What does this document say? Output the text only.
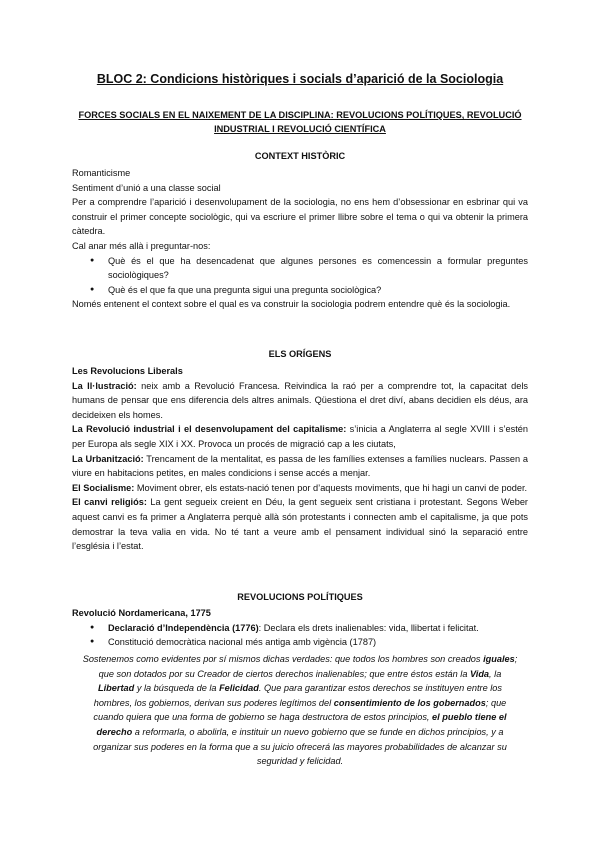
BLOC 2: Condicions històriques i socials d’aparició de la Sociologia
FORCES SOCIALS EN EL NAIXEMENT DE LA DISCIPLINA: REVOLUCIONS POLÍTIQUES, REVOLUCIÓ INDUSTRIAL I REVOLUCIÓ CIENTÍFICA
CONTEXT HISTÒRIC

Romanticisme

Sentiment d’unió a una classe social

Per a comprendre l’aparició i desenvolupament de la sociologia, no ens hem d’obsessionar en esbrinar qui va construir el primer concepte sociològic, qui va escriure el primer llibre sobre el tema o qui va obtenir la primera càtedra.

Cal anar més allà i preguntar-nos:

● Què és el que ha desencadenat que algunes persones es comencessin a formular preguntes sociològiques?
● Què és el que fa que una pregunta sigui una pregunta sociològica?

Només entenent el context sobre el qual es va construir la sociologia podrem entendre què és la sociologia.

ELS ORÍGENS

Les Revolucions Liberals

La Il·lustració: neix amb a Revolució Francesa. Reivindica la raó per a comprendre tot, la capacitat dels humans de pensar que ens diferencia dels altres animals. Qüestiona el dret diví, abans decidien els déus, ara decideixen els homes.

La Revolució industrial i el desenvolupament del capitalisme: s’inicia a Anglaterra al segle XVIII i s’estén per Europa als segle XIX i XX. Provoca un procés de migració cap a les ciutats,

La Urbanització: Trencament de la mentalitat, es passa de les famílies extenses a famílies nuclears. Passen a viure en habitacions petites, en males condicions i sense accés a menjar.

El Socialisme: Moviment obrer, els estats-nació tenen por d’aquests moviments, que hi hagi un canvi de poder.

El canvi religiós: La gent segueix creient en Déu, la gent segueix sent cristiana i protestant. Segons Weber aquest canvi es fa primer a Anglaterra perquè allà són protestants i connecten amb el capitalisme, ja que pots demostrar la teva valia en vida. No té tant a veure amb el pensament individual sinó la separació entre l’església i l’estat.

REVOLUCIONS POLÍTIQUES

Revolució Nordamericana, 1775

● Declaració d’Independència (1776): Declara els drets inalienables: vida, llibertat i felicitat.
● Constitució democràtica nacional més antiga amb vigència (1787)
Sostenemos como evidentes por sí mismos dichas verdades: que todos los hombres son creados iguales; que son dotados por su Creador de ciertos derechos inalienables; que entre éstos están la Vida, la Libertad y la búsqueda de la Felicidad. Que para garantizar estos derechos se instituyen entre los hombres, los gobiernos, derivan sus poderes legítimos del consentimiento de los gobernados; que cuando quiera que una forma de gobierno se haga destructora de estos principios, el pueblo tiene el derecho a reformarla, o abolirla, e instituir un nuevo gobierno que se funde en dichos principios, y a organizar sus poderes en la forma que a su juicio ofrecerá las mayores probabilidades de alcanzar su seguridad y felicidad.
